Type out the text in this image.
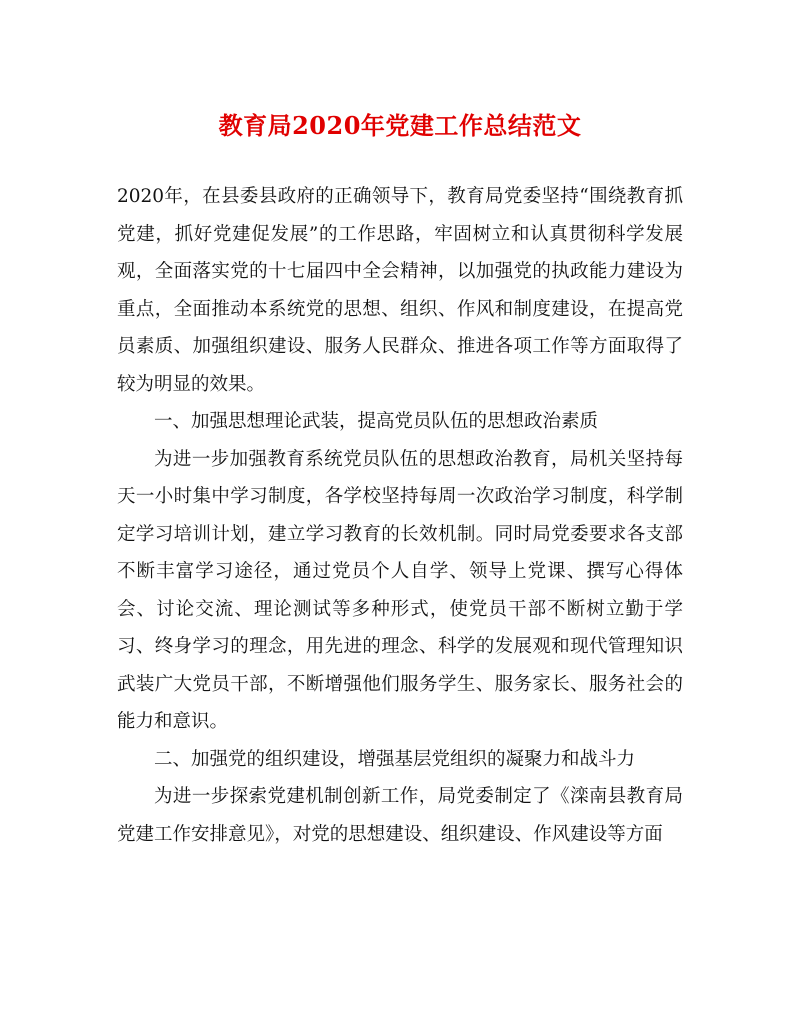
教育局2020年党建工作总结范文

2020年，在县委县政府的正确领导下，教育局党委坚持“围绕教育抓党建，抓好党建促发展”的工作思路，牢固树立和认真贯彻科学发展观，全面落实党的十七届四中全会精神，以加强党的执政能力建设为重点，全面推动本系统党的思想、组织、作风和制度建设，在提高党员素质、加强组织建设、服务人民群众、推进各项工作等方面取得了较为明显的效果。

一、加强思想理论武装，提高党员队伍的思想政治素质

为进一步加强教育系统党员队伍的思想政治教育，局机关坚持每天一小时集中学习制度，各学校坚持每周一次政治学习制度，科学制定学习培训计划，建立学习教育的长效机制。同时局党委要求各支部不断丰富学习途径，通过党员个人自学、领导上党课、撰写心得体会、讨论交流、理论测试等多种形式，使党员干部不断树立勤于学习、终身学习的理念，用先进的理念、科学的发展观和现代管理知识武装广大党员干部，不断增强他们服务学生、服务家长、服务社会的能力和意识。

二、加强党的组织建设，增强基层党组织的凝聚力和战斗力

为进一步探索党建机制创新工作，局党委制定了《滦南县教育局党建工作安排意见》，对党的思想建设、组织建设、作风建设等方面
